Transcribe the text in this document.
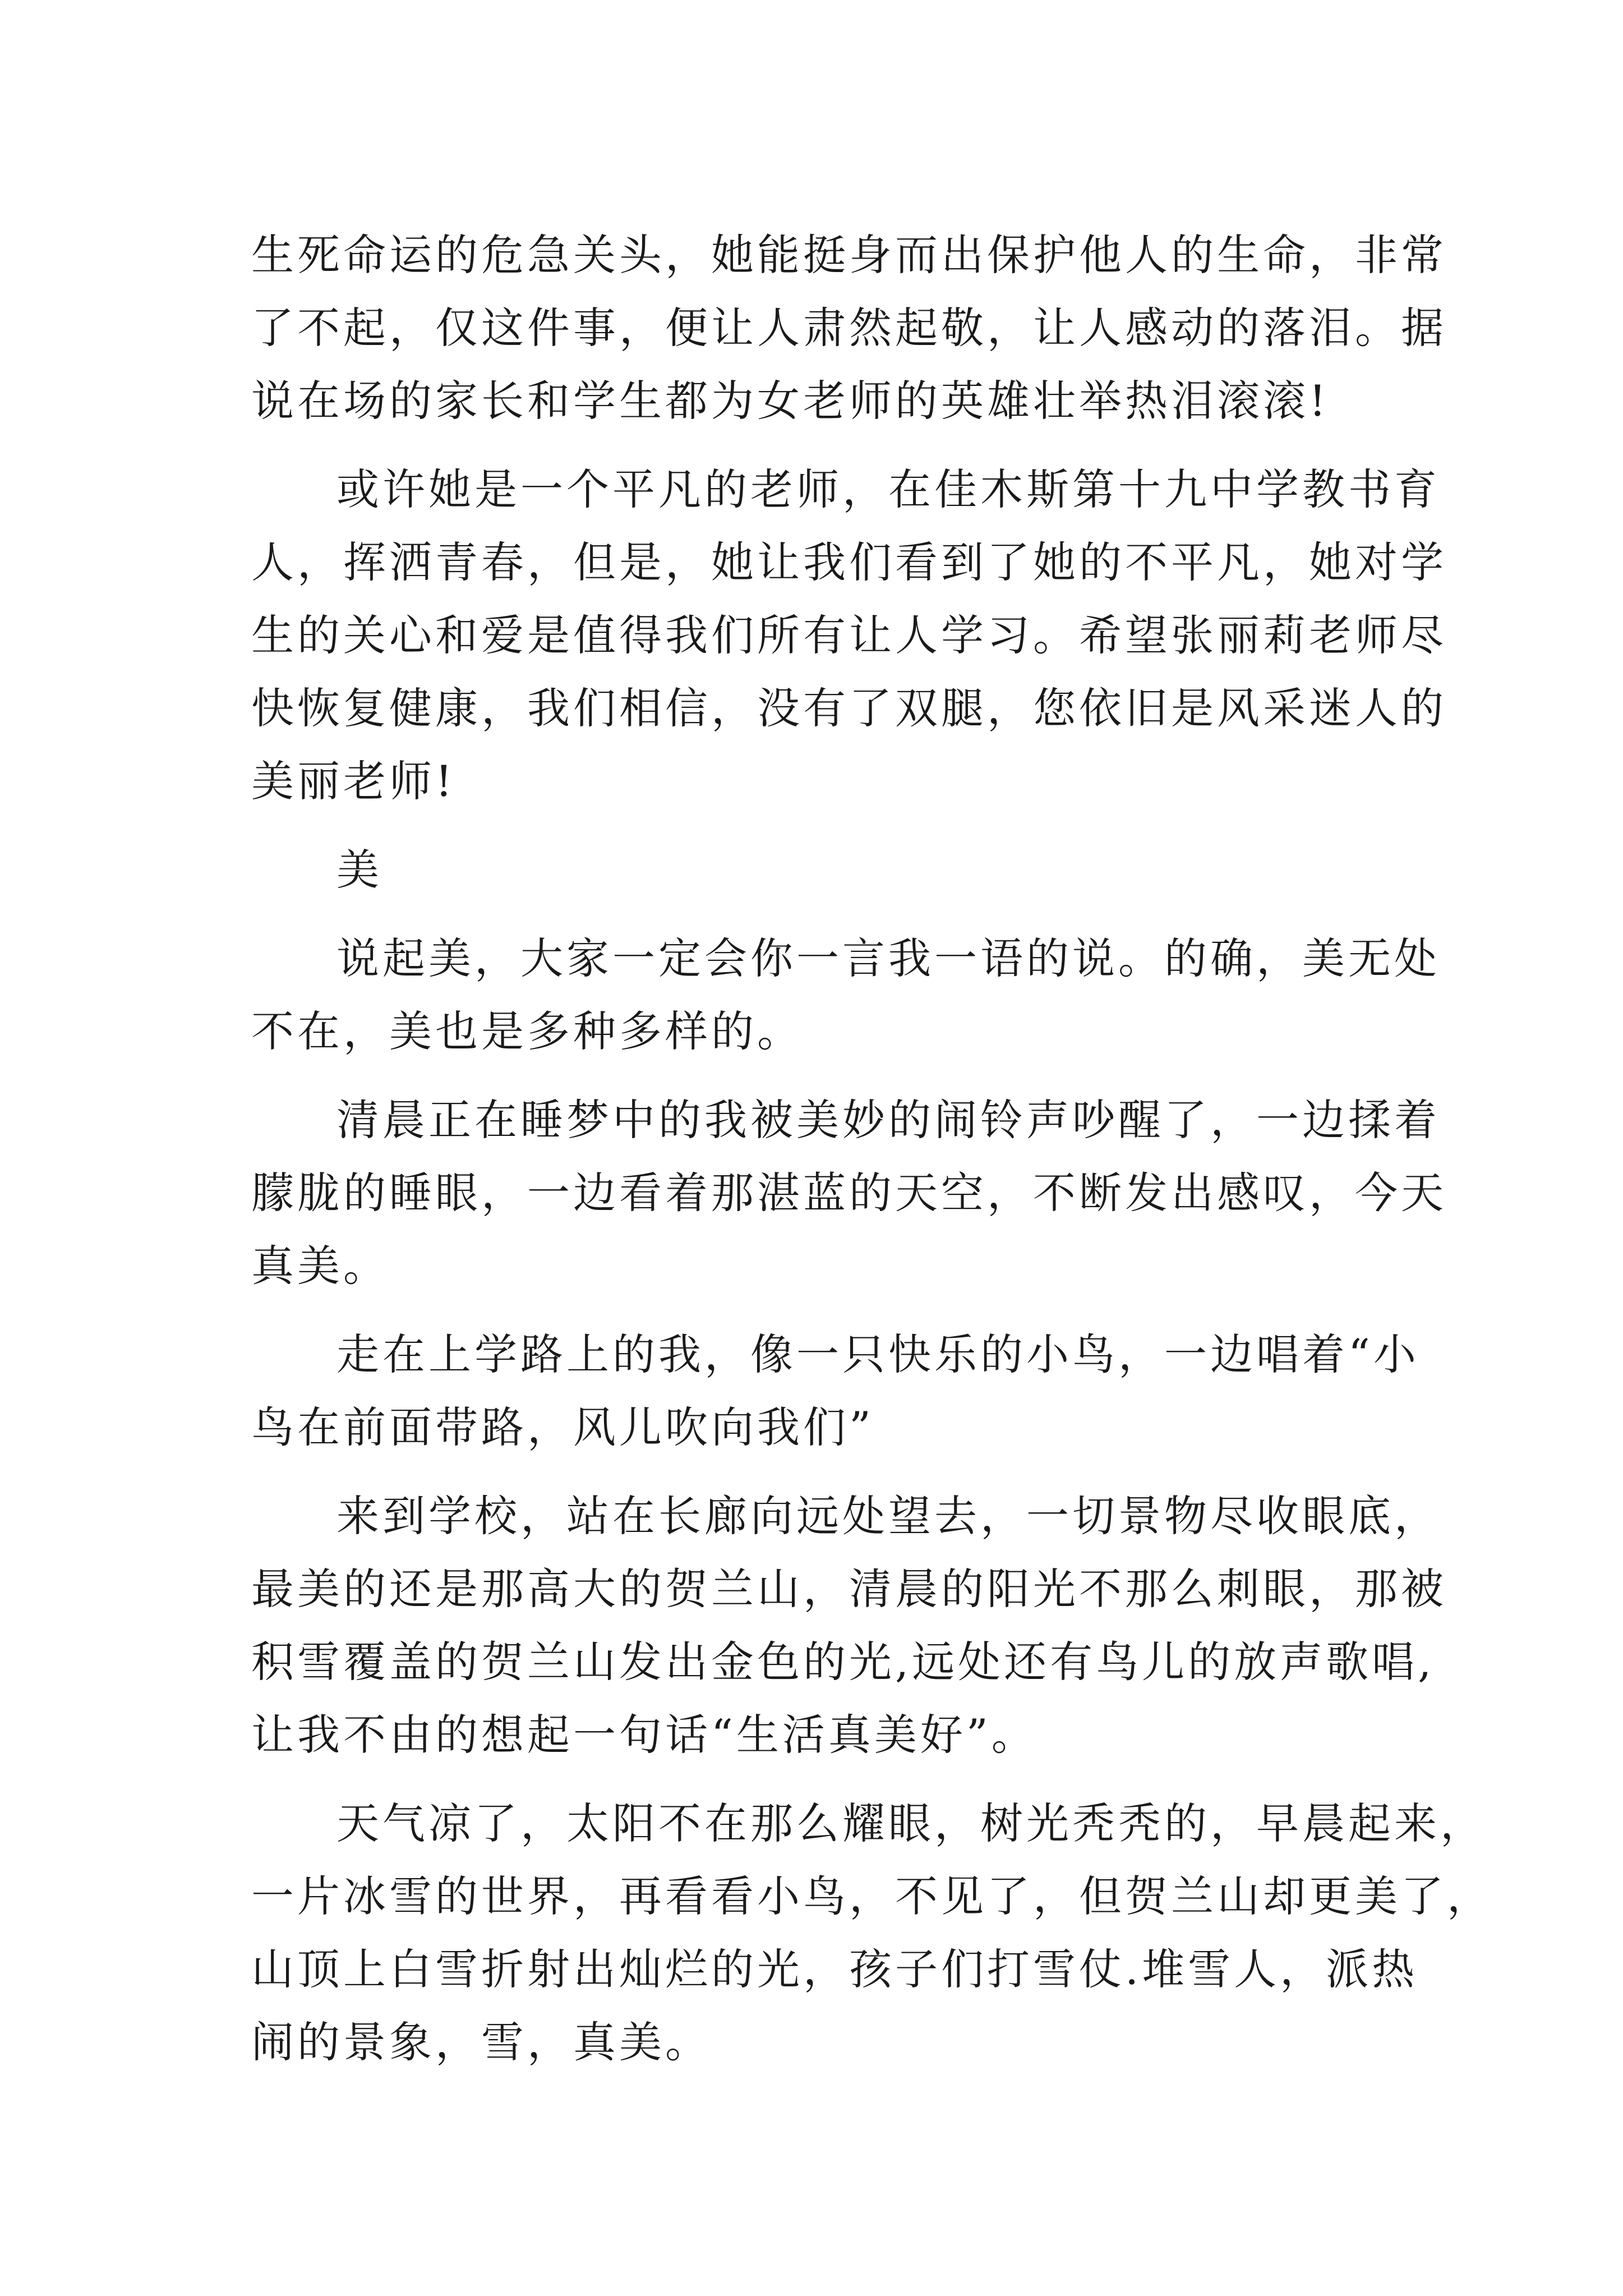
生死命运的危急关头，她能挺身而出保护他人的生命，非常
了不起，仅这件事，便让人肃然起敬，让人感动的落泪。据
说在场的家长和学生都为女老师的英雄壮举热泪滚滚!
或许她是一个平凡的老师，在佳木斯第十九中学教书育
人，挥洒青春，但是，她让我们看到了她的不平凡，她对学
生的关心和爱是值得我们所有让人学习。希望张丽莉老师尽
快恢复健康，我们相信，没有了双腿，您依旧是风采迷人的
美丽老师!
美
说起美，大家一定会你一言我一语的说。的确，美无处
不在，美也是多种多样的。
清晨正在睡梦中的我被美妙的闹铃声吵醒了，一边揉着
朦胧的睡眼，一边看着那湛蓝的天空，不断发出感叹，今天
真美。
走在上学路上的我，像一只快乐的小鸟，一边唱着“小
鸟在前面带路，风儿吹向我们”
来到学校，站在长廊向远处望去，一切景物尽收眼底，
最美的还是那高大的贺兰山，清晨的阳光不那么刺眼，那被
积雪覆盖的贺兰山发出金色的光,远处还有鸟儿的放声歌唱,
让我不由的想起一句话“生活真美好”。
天气凉了，太阳不在那么耀眼，树光秃秃的，早晨起来，
一片冰雪的世界，再看看小鸟，不见了，但贺兰山却更美了，
山顶上白雪折射出灿烂的光，孩子们打雪仗.堆雪人，派热
闹的景象，雪，真美。
